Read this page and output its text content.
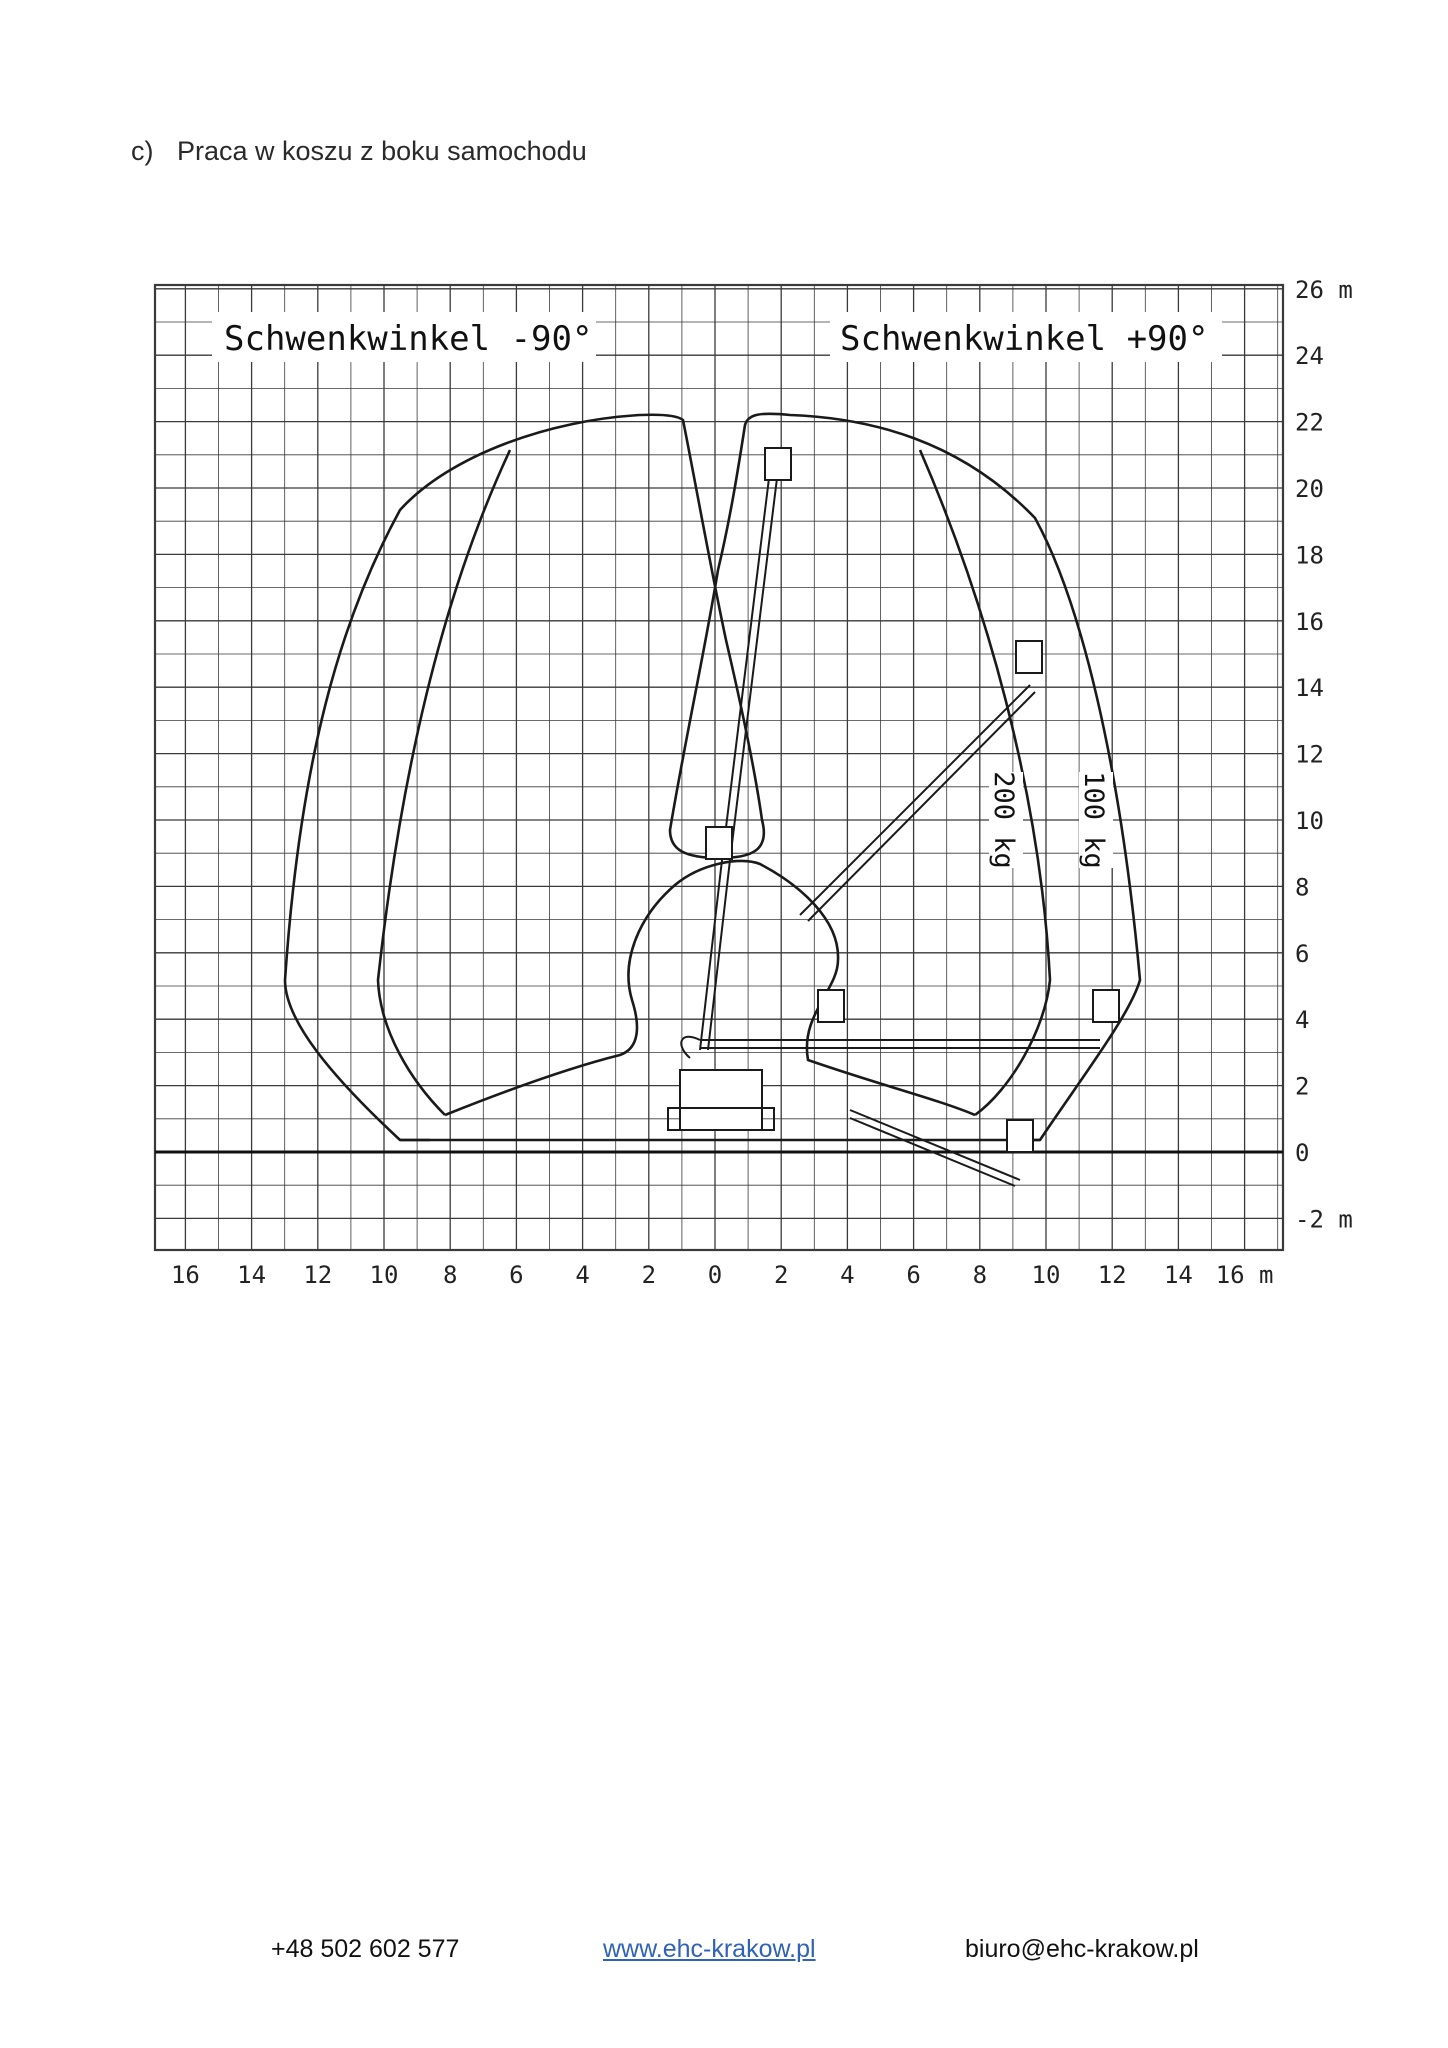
c) Praca w koszu z boku samochodu
Schwenkwinkel -90°	Schwenkwinkel +90°
200 kg 100 kg
26 m
24
22
20
18
16
14
12
10
8
6
4
2
0
-2 m
16 14 12 10 8 6 4 2 0 2 4 6 8 10 12 14 16 m
+48 502 602 577	www.ehc-krakow.pl	biuro@ehc-krakow.pl
